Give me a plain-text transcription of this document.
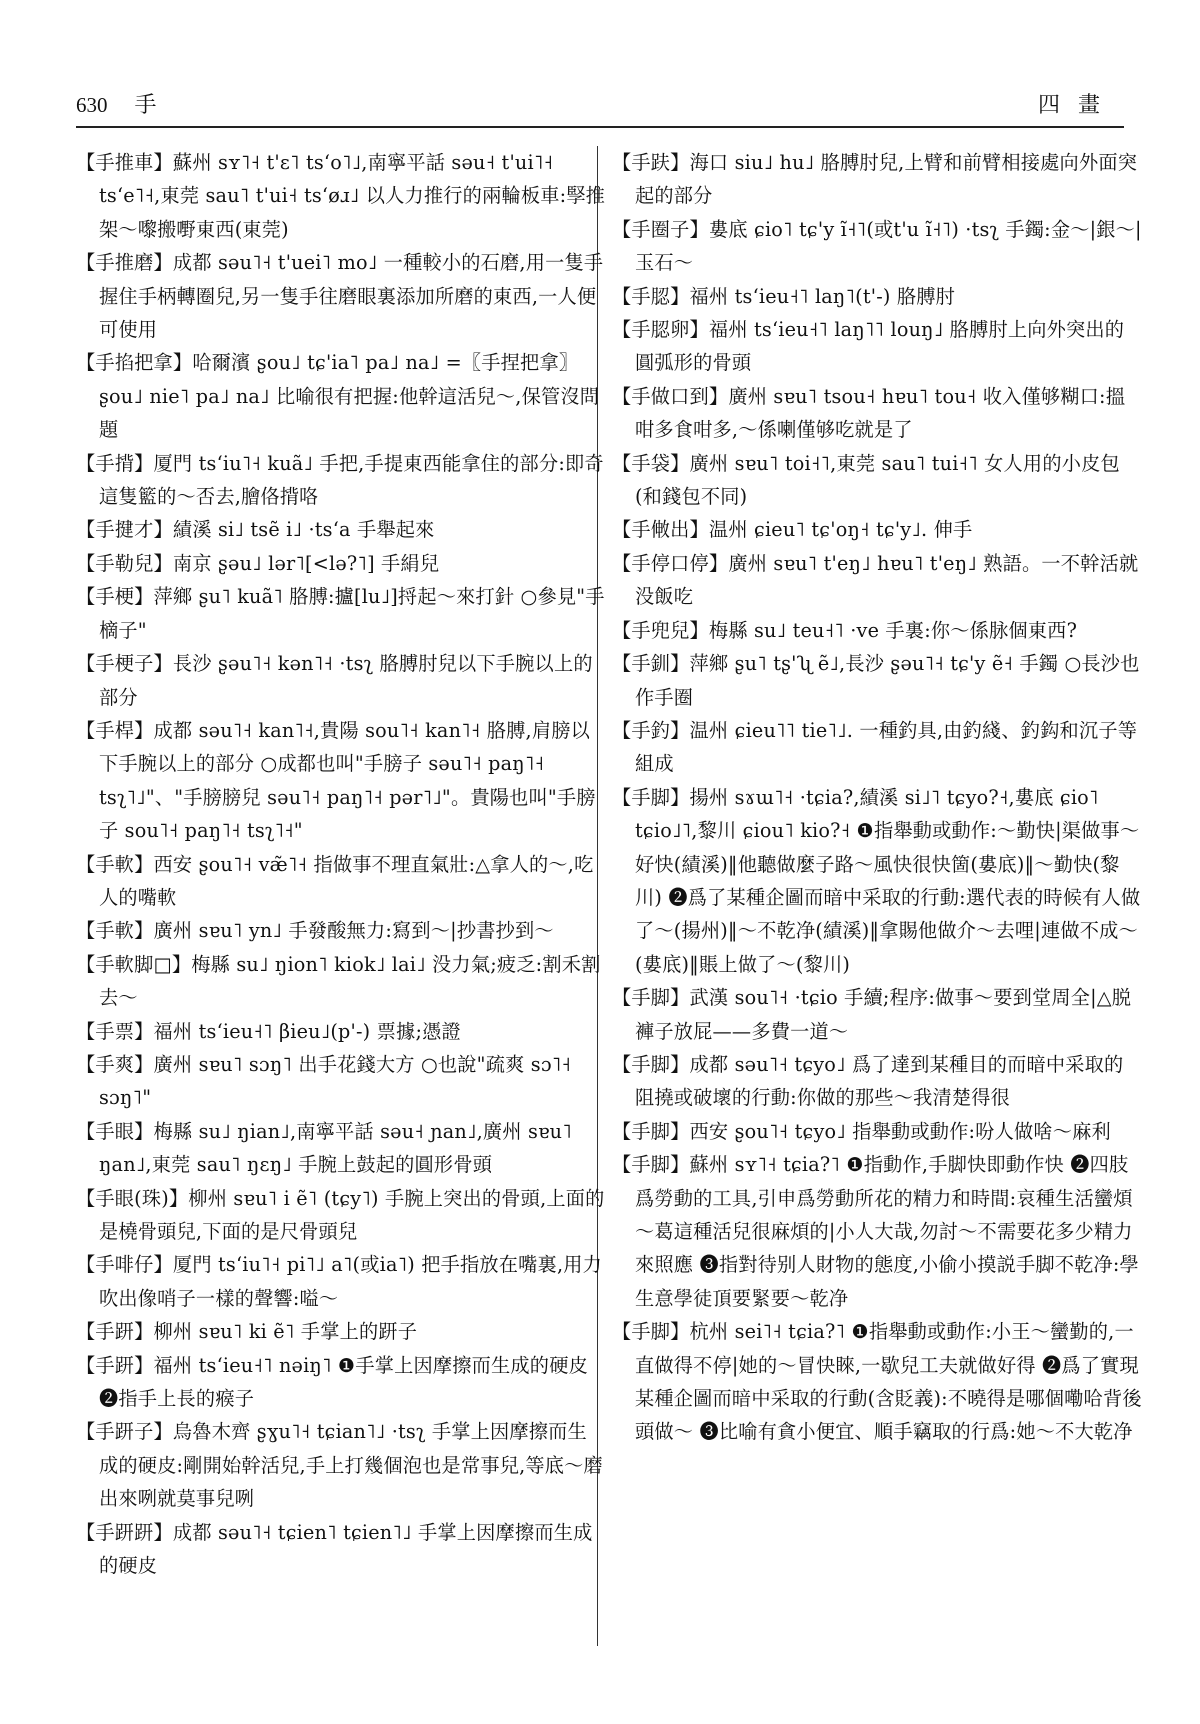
630 手	四畫

【手推車】蘇州 sʏ˥˧ t'ɛ˥ tsʻo˥˩,南寧平話 səu˧ t'ui˥˧ tsʻe˥˧,東莞 sau˥ t'ui˧ tsʻøɹ˩ 以人力推行的兩輪板車:孯推架～嚟搬嘢東西(東莞)

【手推磨】成都 səu˥˧ t'uei˥ mo˩ 一種較小的石磨,用一隻手握住手柄轉圈兒,另一隻手往磨眼裏添加所磨的東西,一人便可使用

【手掐把拿】哈爾濱 ʂou˩ tɕ'ia˥ pa˩ na˩ =〖手捏把拿〗 ʂou˩ nie˥ pa˩ na˩ 比喻很有把握:他幹這活兒～,保管沒問題

【手揹】厦門 tsʻiu˥˧ kuã˩ 手把,手提東西能拿住的部分:即奇這隻籃的～否去,膾佫揹咯

【手揵才】績溪 si˩ tsẽ i˩ ·tsʻa 手舉起來

【手勒兒】南京 ʂəu˩ lər˥[<lə?˥] 手絹兒

【手梗】萍鄉 ʂu˥ kuã˥ 胳膊:攎[lu˩]捋起～來打針 ○參見"手樀子"

【手梗子】長沙 ʂəu˥˧ kən˥˧ ·tsʅ 胳膊肘兒以下手腕以上的部分

【手桿】成都 səu˥˧ kan˥˧,貴陽 sou˥˧ kan˥˧ 胳膊,肩膀以下手腕以上的部分 ○成都也叫"手膀子 səu˥˧ paŋ˥˧ tsʅ˥˩"、"手膀膀兒 səu˥˧ paŋ˥˧ pər˥˩"。貴陽也叫"手膀子 sou˥˧ paŋ˥˧ tsʅ˥˧"

【手軟】西安 ʂou˥˧ væ̃˥˧ 指做事不理直氣壯:△拿人的～,吃人的嘴軟

【手軟】廣州 sɐu˥ yn˩ 手發酸無力:寫到～|抄書抄到～

【手軟脚□】梅縣 su˩ ŋion˥ kiok˩ lai˩ 没力氣;疲乏:割禾割去～

【手票】福州 tsʻieu˧˥ βieu˩(p'-) 票據;憑證

【手爽】廣州 sɐu˥ sɔŋ˥ 出手花錢大方 ○也說"疏爽 sɔ˥˧ sɔŋ˥"

【手眼】梅縣 su˩ ŋian˩,南寧平話 səu˧ ɲan˩,廣州 sɐu˥ ŋan˩,東莞 sau˥ ŋɛŋ˩ 手腕上鼓起的圓形骨頭

【手眼(珠)】柳州 sɐu˥ i ẽ˥ (tɕy˥) 手腕上突出的骨頭,上面的是橈骨頭兒,下面的是尺骨頭兒

【手啡仔】厦門 tsʻiu˥˧ pi˥˩ a˥(或ia˥) 把手指放在嘴裏,用力吹出像哨子一樣的聲響:嗌～

【手趼】柳州 sɐu˥ ki ẽ˥ 手掌上的趼子

【手趼】福州 tsʻieu˧˥ nəiŋ˥ ❶手掌上因摩擦而生成的硬皮 ❷指手上長的瘊子

【手趼子】烏魯木齊 ʂɣu˥˧ tɕian˥˩ ·tsʅ 手掌上因摩擦而生成的硬皮:剛開始幹活兒,手上打幾個泡也是常事兒,等底～磨出來咧就莫事兒咧

【手趼趼】成都 səu˥˧ tɕien˥ tɕien˥˩ 手掌上因摩擦而生成的硬皮

【手趺】海口 siu˩ hu˩ 胳膊肘兒,上臂和前臂相接處向外面突起的部分

【手圈子】婁底 ɕio˥ tɕ'y ĩ˧˥(或t'u ĩ˧˥) ·tsʅ 手鐲:金～|銀～|玉石～

【手䏰】福州 tsʻieu˧˥ laŋ˥(t'-) 胳膊肘

【手䏰卵】福州 tsʻieu˧˥ laŋ˥˥ louŋ˩ 胳膊肘上向外突出的圓弧形的骨頭

【手做口到】廣州 sɐu˥ tsou˧ hɐu˥ tou˧ 收入僅够糊口:搵咁多食咁多,～係喇僅够吃就是了

【手袋】廣州 sɐu˥ toi˧˥,東莞 sau˥ tui˧˥ 女人用的小皮包(和錢包不同)

【手敒出】温州 ɕieu˥ tɕ'oŋ˧ tɕ'y˩. 伸手

【手停口停】廣州 sɐu˥ t'eŋ˩ hɐu˥ t'eŋ˩ 熟語。一不幹活就没飯吃

【手兜兒】梅縣 su˩ teu˧˥ ·ve 手裏:你～係脉個東西?

【手釧】萍鄉 ʂu˥ tʂ'ʯ ẽ˩,長沙 ʂəu˥˧ tɕ'y ẽ˧ 手鐲 ○長沙也作手圈

【手釣】温州 ɕieu˥˥ tie˥˩. 一種釣具,由釣綫、釣鈎和沉子等組成

【手脚】揚州 sɤɯ˥˧ ·tɕia?,績溪 si˩˥ tɕyo?˧,婁底 ɕio˥ tɕio˩˥,黎川 ɕiou˥ kio?˧ ❶指舉動或動作:～勤快|渠做事～好快(績溪)‖他聽做麼子路～風快很快箇(婁底)‖～勤快(黎川) ❷爲了某種企圖而暗中采取的行動:選代表的時候有人做了～(揚州)‖～不乾净(績溪)‖拿賜他做介～去哩|連做不成～(婁底)‖賬上做了～(黎川)

【手脚】武漢 sou˥˧ ·tɕio 手續;程序:做事～要到堂周全|△脱褲子放屁——多費一道～

【手脚】成都 səu˥˧ tɕyo˩ 爲了達到某種目的而暗中采取的阻撓或破壞的行動:你做的那些～我清楚得很

【手脚】西安 ʂou˥˧ tɕyo˩ 指舉動或動作:吩人做啥～麻利

【手脚】蘇州 sʏ˥˧ tɕia?˥ ❶指動作,手脚快即動作快 ❷四肢爲勞動的工具,引申爲勞動所花的精力和時間:哀種生活蠻煩～葛這種活兒很麻煩的|小人大哉,勿討～不需要花多少精力來照應 ❸指對待别人財物的態度,小偷小摸説手脚不乾净:學生意學徒頂要緊要～乾净

【手脚】杭州 sei˥˧ tɕia?˥ ❶指舉動或動作:小王～蠻勤的,一直做得不停|她的～冒快睞,一歇兒工夫就做好得 ❷爲了實現某種企圖而暗中采取的行動(含貶義):不曉得是哪個嘞哈背後頭做～ ❸比喻有貪小便宜、順手竊取的行爲:她～不大乾净
